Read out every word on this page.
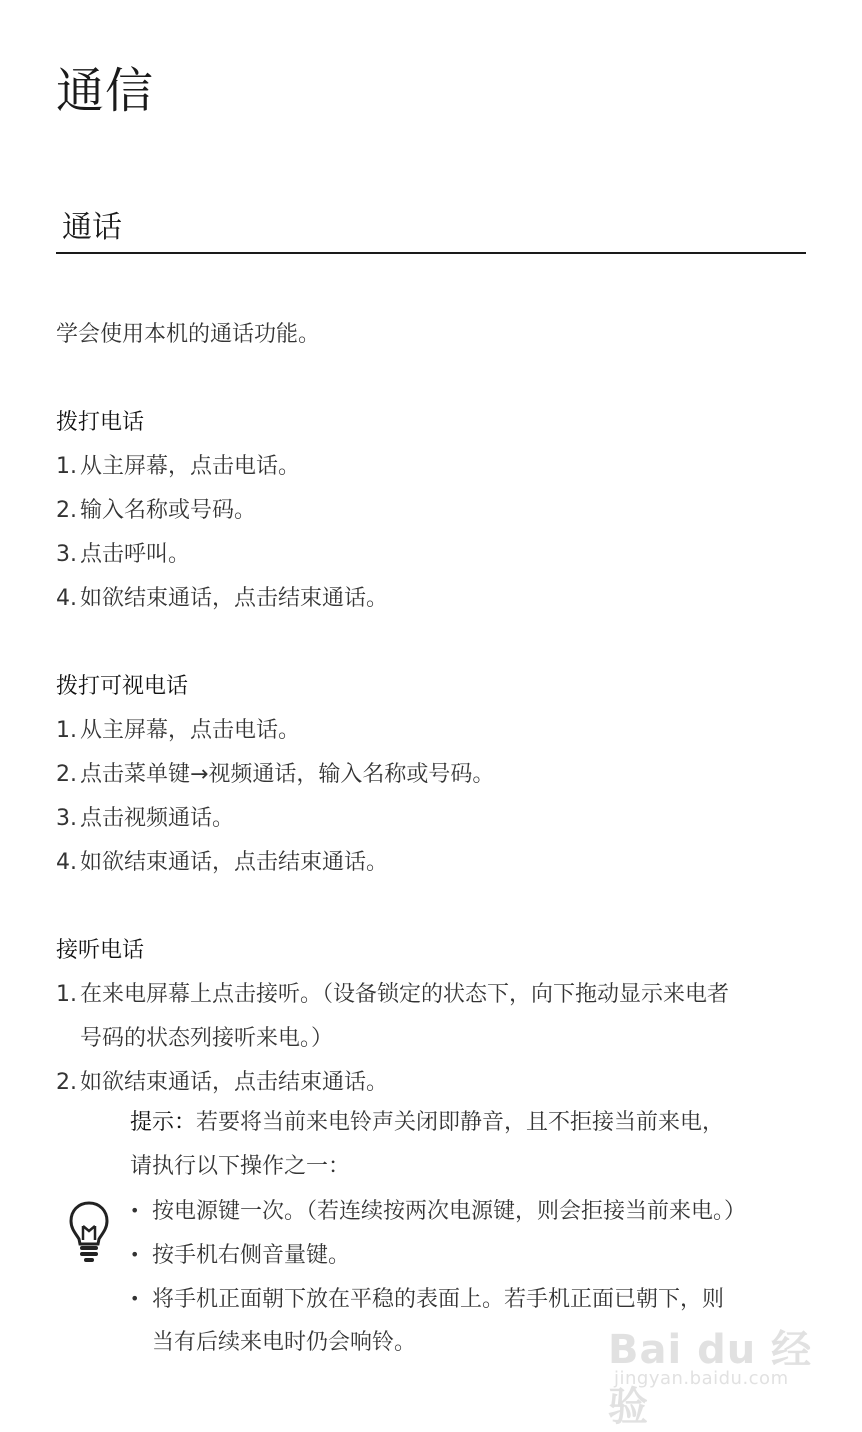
通信
通话
学会使用本机的通话功能。
拨打电话
1. 从主屏幕，点击电话。
2. 输入名称或号码。
3. 点击呼叫。
4. 如欲结束通话，点击结束通话。
拨打可视电话
1. 从主屏幕，点击电话。
2. 点击菜单键→视频通话，输入名称或号码。
3. 点击视频通话。
4. 如欲结束通话，点击结束通话。
接听电话
1. 在来电屏幕上点击接听。（设备锁定的状态下，向下拖动显示来电者
号码的状态列接听来电。）
2. 如欲结束通话，点击结束通话。
提示：若要将当前来电铃声关闭即静音，且不拒接当前来电，
请执行以下操作之一：
• 按电源键一次。（若连续按两次电源键，则会拒接当前来电。）
• 按手机右侧音量键。
• 将手机正面朝下放在平稳的表面上。若手机正面已朝下，则
当有后续来电时仍会响铃。	Bai du 经验
jingyan.baidu.com
